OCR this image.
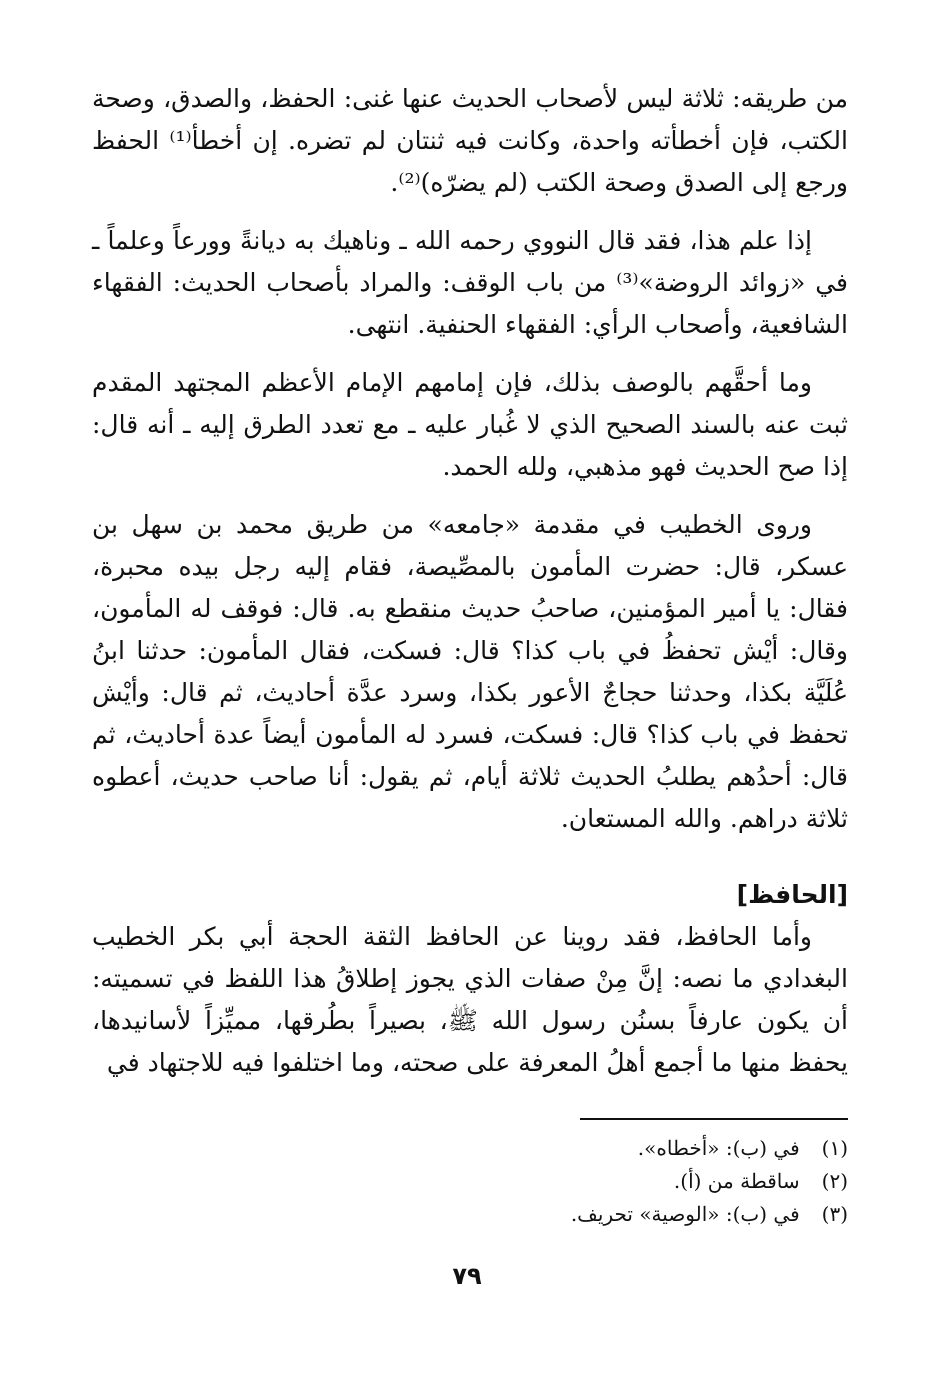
من طريقه: ثلاثة ليس لأصحاب الحديث عنها غنى: الحفظ، والصدق، وصحة الكتب، فإن أخطأته واحدة، وكانت فيه ثنتان لم تضره. إن أخطأ⁽¹⁾ الحفظ ورجع إلى الصدق وصحة الكتب (لم يضرّه)⁽²⁾.

إذا علم هذا، فقد قال النووي رحمه الله ـ وناهيك به ديانةً وورعاً وعلماً ـ في «زوائد الروضة»⁽³⁾ من باب الوقف: والمراد بأصحاب الحديث: الفقهاء الشافعية، وأصحاب الرأي: الفقهاء الحنفية. انتهى.

وما أحقَّهم بالوصف بذلك، فإن إمامهم الإمام الأعظم المجتهد المقدم ثبت عنه بالسند الصحيح الذي لا غُبار عليه ـ مع تعدد الطرق إليه ـ أنه قال: إذا صح الحديث فهو مذهبي، ولله الحمد.

وروى الخطيب في مقدمة «جامعه» من طريق محمد بن سهل بن عسكر، قال: حضرت المأمون بالمصِّيصة، فقام إليه رجل بيده محبرة، فقال: يا أمير المؤمنين، صاحبُ حديث منقطع به. قال: فوقف له المأمون، وقال: أيْش تحفظُ في باب كذا؟ قال: فسكت، فقال المأمون: حدثنا ابنُ عُلَيَّة بكذا، وحدثنا حجاجٌ الأعور بكذا، وسرد عدَّة أحاديث، ثم قال: وأيْش تحفظ في باب كذا؟ قال: فسكت، فسرد له المأمون أيضاً عدة أحاديث، ثم قال: أحدُهم يطلبُ الحديث ثلاثة أيام، ثم يقول: أنا صاحب حديث، أعطوه ثلاثة دراهم. والله المستعان.

[الحافظ]

وأما الحافظ، فقد روينا عن الحافظ الثقة الحجة أبي بكر الخطيب البغدادي ما نصه: إنَّ مِنْ صفات الذي يجوز إطلاقُ هذا اللفظ في تسميته: أن يكون عارفاً بسنُن رسول الله ﷺ، بصيراً بطُرقها، مميِّزاً لأسانيدها، يحفظ منها ما أجمع أهلُ المعرفة على صحته، وما اختلفوا فيه للاجتهاد في

(١) في (ب): «أخطاه».
(٢) ساقطة من (أ).
(٣) في (ب): «الوصية» تحريف.
٧٩
